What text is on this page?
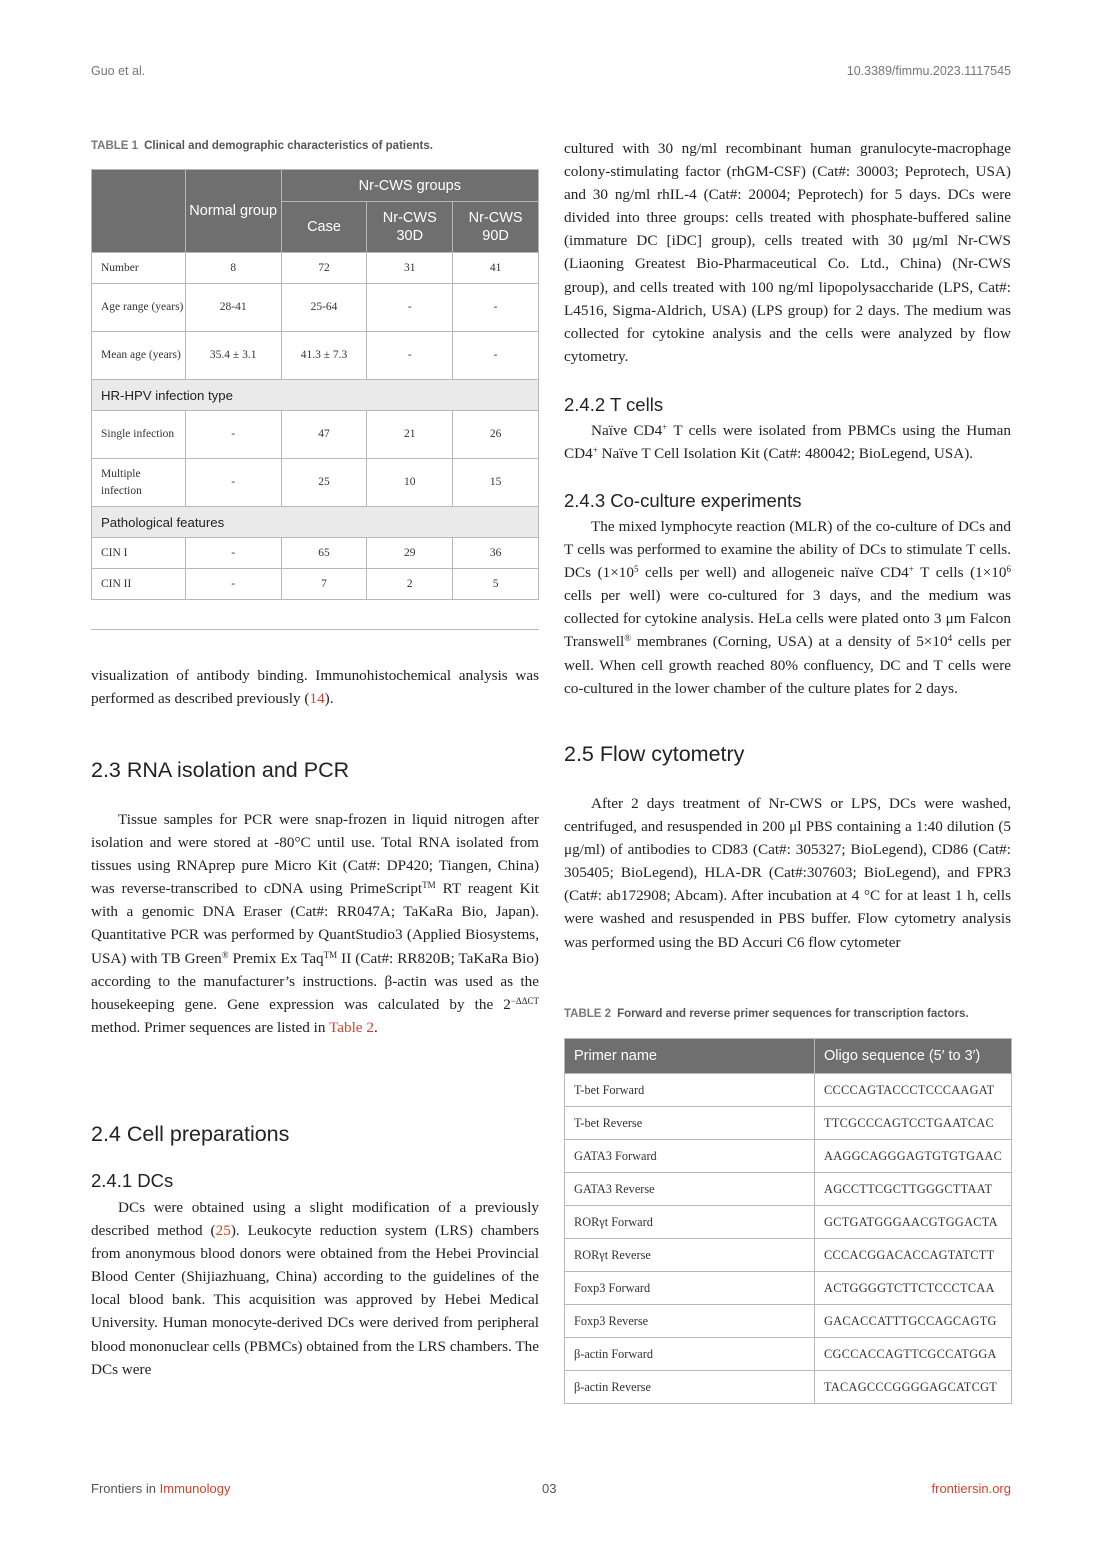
Guo et al.	10.3389/fimmu.2023.1117545
TABLE 1 Clinical and demographic characteristics of patients.
	Normal group	Nr-CWS groups		
		Case	Nr-CWS 30D	Nr-CWS 90D
Number	8	72	31	41
Age range (years)	28-41	25-64	-	-
Mean age (years)	35.4 ± 3.1	41.3 ± 7.3	-	-
HR-HPV infection type				
Single infection	-	47	21	26
Multiple infection	-	25	10	15
Pathological features				
CIN I	-	65	29	36
CIN II	-	7	2	5

visualization of antibody binding. Immunohistochemical analysis was performed as described previously (14).

2.3 RNA isolation and PCR

Tissue samples for PCR were snap-frozen in liquid nitrogen after isolation and were stored at -80°C until use. Total RNA isolated from tissues using RNAprep pure Micro Kit (Cat#: DP420; Tiangen, China) was reverse-transcribed to cDNA using PrimeScript™ RT reagent Kit with a genomic DNA Eraser (Cat#: RR047A; TaKaRa Bio, Japan). Quantitative PCR was performed by QuantStudio3 (Applied Biosystems, USA) with TB Green® Premix Ex Taq™ II (Cat#: RR820B; TaKaRa Bio) according to the manufacturer’s instructions. β-actin was used as the housekeeping gene. Gene expression was calculated by the $2^{-\Delta\Delta CT}$ method. Primer sequences are listed in Table 2.

2.4 Cell preparations
2.4.1 DCs

DCs were obtained using a slight modification of a previously described method (25). Leukocyte reduction system (LRS) chambers from anonymous blood donors were obtained from the Hebei Provincial Blood Center (Shijiazhuang, China) according to the guidelines of the local blood bank. This acquisition was approved by Hebei Medical University. Human monocyte-derived DCs were derived from peripheral blood mononuclear cells (PBMCs) obtained from the LRS chambers. The DCs were

cultured with 30 ng/ml recombinant human granulocyte-macrophage colony-stimulating factor (rhGM-CSF) (Cat#: 30003; Peprotech, USA) and 30 ng/ml rhIL-4 (Cat#: 20004; Peprotech) for 5 days. DCs were divided into three groups: cells treated with phosphate-buffered saline (immature DC [iDC] group), cells treated with 30 μg/ml Nr-CWS (Liaoning Greatest Bio-Pharmaceutical Co. Ltd., China) (Nr-CWS group), and cells treated with 100 ng/ml lipopolysaccharide (LPS, Cat#: L4516, Sigma-Aldrich, USA) (LPS group) for 2 days. The medium was collected for cytokine analysis and the cells were analyzed by flow cytometry.

2.4.2 T cells

Naïve CD4+ T cells were isolated from PBMCs using the Human CD4+ Naïve T Cell Isolation Kit (Cat#: 480042; BioLegend, USA).

2.4.3 Co-culture experiments

The mixed lymphocyte reaction (MLR) of the co-culture of DCs and T cells was performed to examine the ability of DCs to stimulate T cells. DCs ($1\times 10^5$ cells per well) and allogeneic naïve CD4+ T cells ($1\times 10^6$ cells per well) were co-cultured for 3 days, and the medium was collected for cytokine analysis. HeLa cells were plated onto 3 μm Falcon Transwell® membranes (Corning, USA) at a density of $5\times 10^4$ cells per well. When cell growth reached 80% confluency, DC and T cells were co-cultured in the lower chamber of the culture plates for 2 days.

2.5 Flow cytometry

After 2 days treatment of Nr-CWS or LPS, DCs were washed, centrifuged, and resuspended in 200 μl PBS containing a 1:40 dilution (5 μg/ml) of antibodies to CD83 (Cat#: 305327; BioLegend), CD86 (Cat#: 305405; BioLegend), HLA-DR (Cat#:307603; BioLegend), and FPR3 (Cat#: ab172908; Abcam). After incubation at 4 °C for at least 1 h, cells were washed and resuspended in PBS buffer. Flow cytometry analysis was performed using the BD Accuri C6 flow cytometer

TABLE 2 Forward and reverse primer sequences for transcription factors.
Primer name	Oligo sequence (5′ to 3′)
T-bet Forward	CCCCAGTACCCTCCCAAGAT
T-bet Reverse	TTCGCCCAGTCCTGAATCAC
GATA3 Forward	AAGGCAGGGAGTGTGTGAAC
GATA3 Reverse	AGCCTTCGCTTGGGCTTAAT
RORγt Forward	GCTGATGGGAACGTGGACTA
RORγt Reverse	CCCACGGACACCAGTATCTT
Foxp3 Forward	ACTGGGGTCTTCTCCCTCAA
Foxp3 Reverse	GACACCATTTGCCAGCAGTG
β-actin Forward	CGCCACCAGTTCGCCATGGA
β-actin Reverse	TACAGCCCGGGGAGCATCGT
Frontiers in Immunology	03	frontiersin.org
